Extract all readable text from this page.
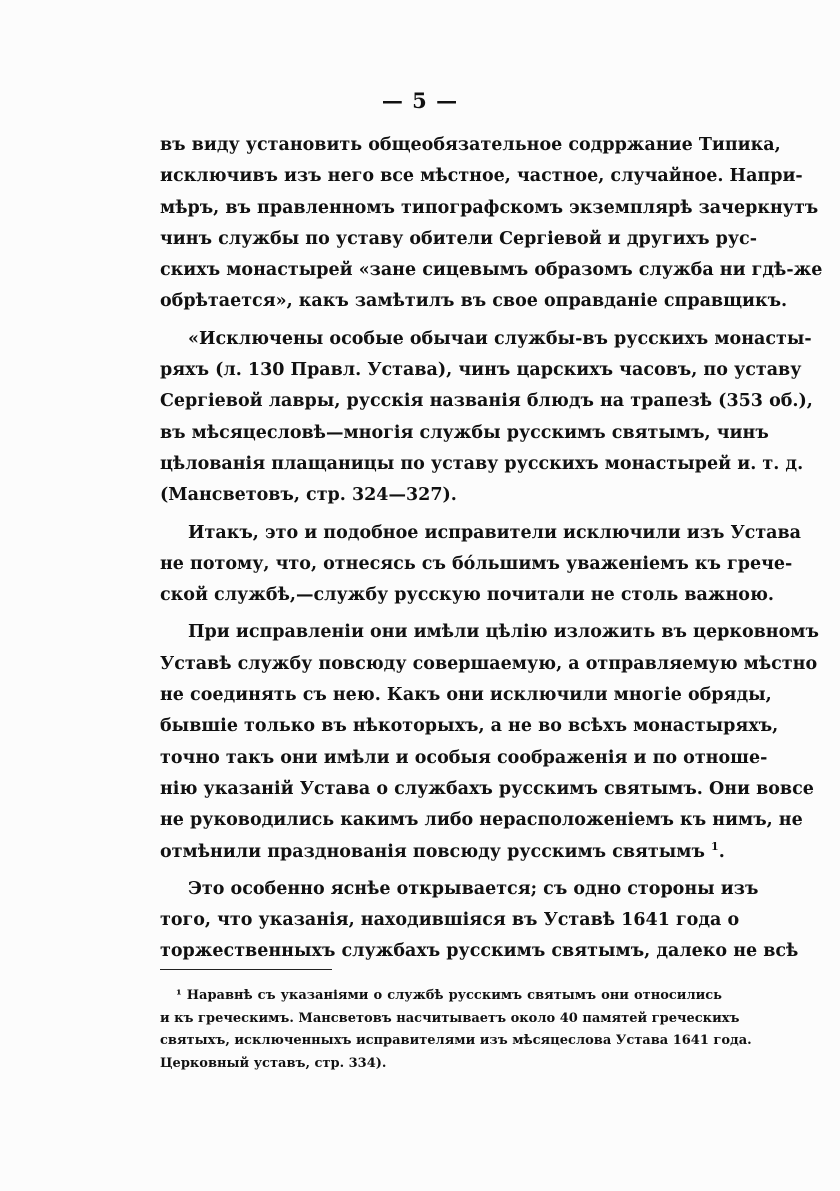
— 5 —
въ виду установить общеобязательное содрржание Типика,
исключивъ изъ него все мѣстное, частное, случайное. Напри-
мѣръ, въ правленномъ типографскомъ экземплярѣ зачеркнутъ
чинъ службы по уставу обители Сергіевой и другихъ рус-
скихъ монастырей «зане сицевымъ образомъ служба ни гдѣ-же
обрѣтается», какъ замѣтилъ въ свое оправданіе справщикъ.
«Исключены особые обычаи службы-въ русскихъ монасты-
ряхъ (л. 130 Правл. Устава), чинъ царскихъ часовъ, по уставу
Сергіевой лавры, русскія названія блюдъ на трапезѣ (353 об.),
въ мѣсяцесловѣ—многія службы русскимъ святымъ, чинъ
цѣлованія плащаницы по уставу русскихъ монастырей и. т. д.
(Мансветовъ, стр. 324—327).
Итакъ, это и подобное исправители исключили изъ Устава
не потому, что, отнесясь съ бо́льшимъ уваженіемъ къ грече-
ской службѣ,—службу русскую почитали не столь важною.
При исправленіи они имѣли цѣлію изложить въ церковномъ
Уставѣ службу повсюду совершаемую, а отправляемую мѣстно
не соединять съ нею. Какъ они исключили многіе обряды,
бывшіе только въ нѣкоторыхъ, а не во всѣхъ монастыряхъ,
точно такъ они имѣли и особыя соображенія и по отноше-
нію указаній Устава о службахъ русскимъ святымъ. Они вовсе
не руководились какимъ либо нерасположеніемъ къ нимъ, не
отмѣнили празднованія повсюду русскимъ святымъ $^1$.
Это особенно яснѣе открывается; съ одно стороны изъ
того, что указанія, находившіяся въ Уставѣ 1641 года о
торжественныхъ службахъ русскимъ святымъ, далеко не всѣ
¹ Наравнѣ съ указаніями о службѣ русскимъ святымъ они относились
и къ греческимъ. Мансветовъ насчитываетъ около 40 памятей греческихъ
святыхъ, исключенныхъ исправителями изъ мѣсяцеслова Устава 1641 года.
Церковный уставъ, стр. 334).
